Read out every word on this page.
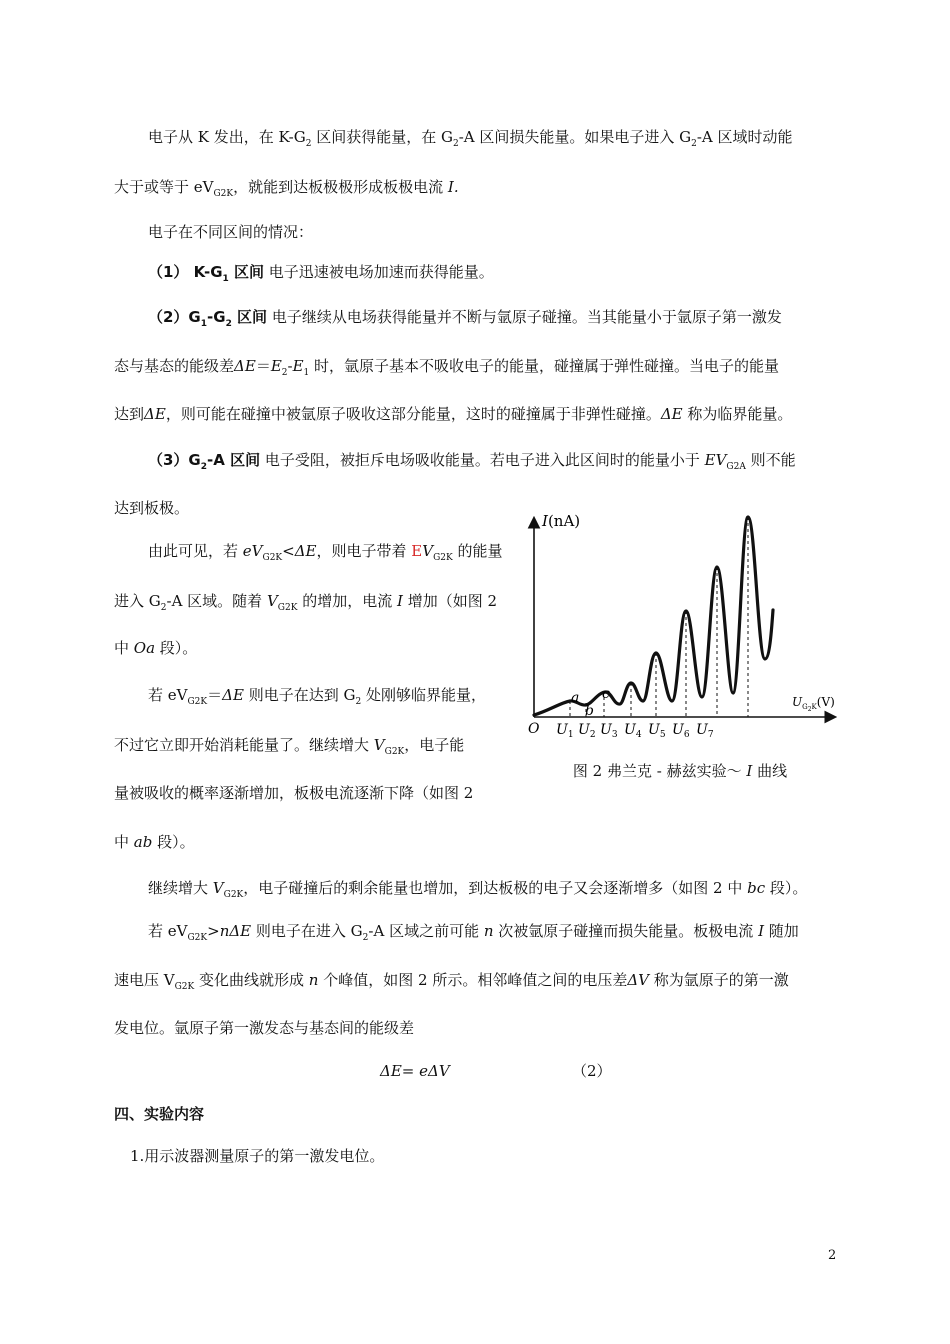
电子从 K 发出，在 $K-G_2$ 区间获得能量，在 $G_2-A$ 区间损失能量。如果电子进入 $G_2-A$ 区域时动能
大于或等于 $eV_{G2K}$，就能到达板极极形成板极电流 I.
电子在不同区间的情况：
（1） $K-G_1$ 区间 电子迅速被电场加速而获得能量。
$(2)G_1-G_2$ 区间 电子继续从电场获得能量并不断与氩原子碰撞。当其能量小于氩原子第一激发
态与基态的能级差$\Delta E=E_2-E_1$ 时，氩原子基本不吸收电子的能量，碰撞属于弹性碰撞。当电子的能量
达到ΔE，则可能在碰撞中被氩原子吸收这部分能量，这时的碰撞属于非弹性碰撞。ΔE 称为临界能量。
$(3)G_2-A$ 区间 电子受阻，被拒斥电场吸收能量。若电子进入此区间时的能量小于 $EV_{G2A}$ 则不能
达到板极。
由此可见，若 $eV_{G2K}<\Delta E$，则电子带着 $EV_{G2K}$ 的能量
进入 $G_2-A$ 区域。随着 $V_{G2K}$ 的增加，电流 I 增加（如图 2
中 Oa 段）。
若 $eV_{G2K}=\Delta E$ 则电子在达到 $G_2$ 处刚够临界能量，
不过它立即开始消耗能量了。继续增大 $V_{G2K}$，电子能
量被吸收的概率逐渐增加，板极电流逐渐下降（如图 2
中 ab 段）。
I(nA)
$U_G2K(V)$
O
a
b
c
$U_1$ $U_2$ $U_3$ $U_4$ $U_5$ $U_6$ $U_7$
图 2 弗兰克 - 赫兹实验～ I 曲线
继续增大 $V_{G2K}$，电子碰撞后的剩余能量也增加，到达板极的电子又会逐渐增多（如图 2 中 bc 段）。
若 $eV_{G2K}>n\Delta E$ 则电子在进入 $G_2-A$ 区域之前可能 n 次被氩原子碰撞而损失能量。板极电流 I 随加
速电压 $V_{G2K}$ 变化曲线就形成 n 个峰值，如图 2 所示。相邻峰值之间的电压差ΔV 称为氩原子的第一激
发电位。氩原子第一激发态与基态间的能级差
ΔE= eΔV	（2）
四、实验内容
1.用示波器测量原子的第一激发电位。
2
